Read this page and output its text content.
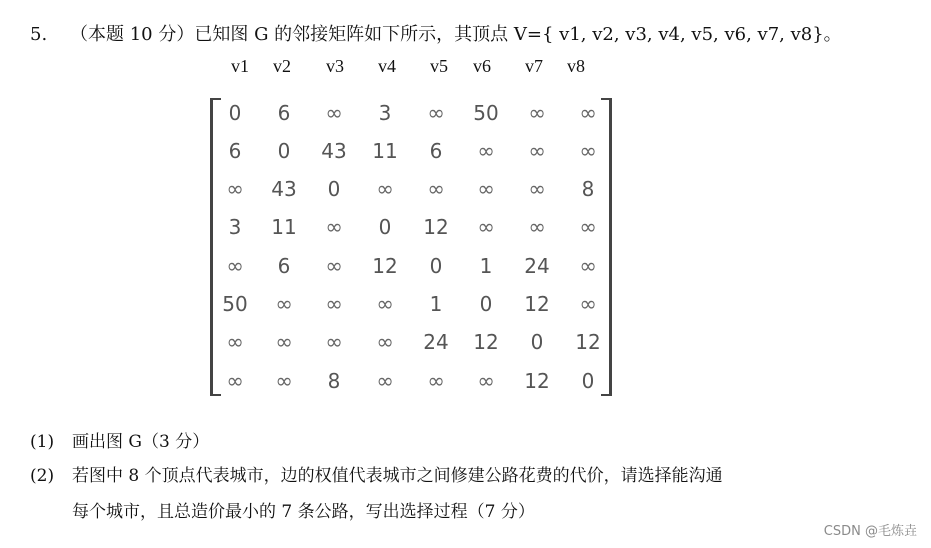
5. （本题 10 分）已知图 G 的邻接矩阵如下所示，其顶点 V={ v1, v2, v3, v4, v5, v6, v7, v8}。
v1 v2 v3 v4 v5 v6 v7 v8
0 6 ∞ 3 ∞ 50 ∞ ∞
6 0 43 11 6 ∞ ∞ ∞
∞ 43 0 ∞ ∞ ∞ ∞ 8
3 11 ∞ 0 12 ∞ ∞ ∞
∞ 6 ∞ 12 0 1 24 ∞
50 ∞ ∞ ∞ 1 0 12 ∞
∞ ∞ ∞ ∞ 24 12 0 12
∞ ∞ 8 ∞ ∞ ∞ 12 0
(1) 画出图 G（3 分）
(2) 若图中 8 个顶点代表城市，边的权值代表城市之间修建公路花费的代价，请选择能沟通
每个城市，且总造价最小的 7 条公路，写出选择过程（7 分）
CSDN @毛炼垚
